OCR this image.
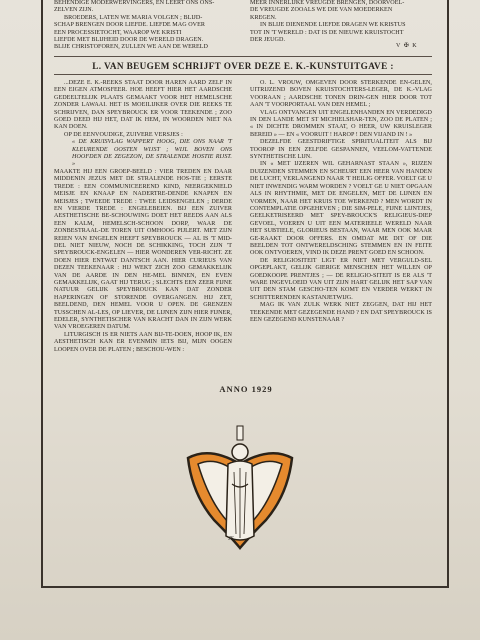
BEHENDIGE MODERWERVINGERS, EN LEERT ONS ONS-

ZELVEN ZIJN.

BROEDERS, LATEN WE MARIA VOLGEN ; BLIJD-

SCHAP BRENGEN DOOR LIEFDE. LIEFDE MAG OVER

EEN PROCESSIETOCHT, WAAROP WE KRISTI

LIEFDE MET BLIJHEID DOOR DE WERELD DRAGEN.

BLIJE CHRISTOFOREN, ZULLEN WE AAN DE WERELD

MEER INNERLIJKE VREUGDE BRENGEN, DOORVOEL-

DE VREUGDE ZOOALS WE DIE VAN MOEDERKEN

KREGEN.

IN BLIJE DIENENDE LIEFDE DRAGEN WE KRISTUS

TOT IN 'T WERELD : DAT IS DE NIEUWE KRUISTOCHT

DER JEUGD.

V ✠ K
L. VAN BEUGEM SCHRIJFT OVER DEZE E. K.-KUNSTUITGAVE :

...DEZE E. K.-REEKS STAAT DOOR HAREN AARD ZELF IN EEN EIGEN ATMOSFEER. HOE HEEFT HIER HET AARDSCHE GEDEELTELIJK PLAATS GEMAAKT VOOR HET HEMELSCHE ZONDER LAWAAI. HET IS MOEILIJKER OVER DIE REEKS TE SCHRIJVEN, DAN SPEYBROUCK ER VOOR TEEKENDE ; ZOO GOED DEED HIJ HET, DAT IK HEM, IN WOORDEN NIET NA KAN DOEN.

OP DE EENVOUDIGE, ZUIVERE VERSJES :

« DE KRUISVLAG WAPPERT HOOG, DIE ONS NAAR 'T KLEURENDE OOSTEN WIJST ; WIJL BOVEN ONS HOOFDEN DE ZEGEZON, DE STRALENDE HOSTIE RIJST. »

MAAKTE HIJ EEN GROEP-BEELD : VIER TREDEN EN DAAR MIDDENIN JEZUS MET DE STRALENDE HOS-TIE ; EERSTE TREDE : EEN COMMUNICEEREND KIND, NEERGEKNIELD MEISJE EN KNAAP EN NADERTRE-DENDE KNAPEN EN MEISJES ; TWEEDE TREDE : TWEE LEIDSENGELEN ; DERDE EN VIERDE TREDE : ENGELEBEIEN. BIJ EEN ZUIVER AESTHETISCHE BE-SCHOUWING DOET HET REEDS AAN ALS EEN KALM, HEMELSCH-SCHOON DORP, WAAR DE ZONBESTRAAL-DE TOREN UIT OMHOOG PIJLERT. MET ZIJN REIEN VAN ENGELEN HEEFT SPEYBROUCK — AL IS 'T MID-DEL NIET NIEUW, NOCH DE SCHIKKING, TOCH ZIJN 'T SPEYBROUCK-ENGELEN — HIER WONDEREN VER-RICHT. ZE DOEN HIER ENTWAT DANTSCH AAN. HIER CURIEUS VAN DEZEN TEEKENAAR : HIJ WEKT ZICH ZOO GEMAKKELIJK VAN DE AARDE IN DEN HE-MEL BINNEN, EN EVEN GEMAKKELIJK, GAAT HIJ TERUG ; SLECHTS EEN ZEER FIJNE NATUUR GELIJK SPEYBROUCK KAN DAT ZONDER HAPERINGEN OF STORENDE OVERGANGEN. HIJ ZET, BEELDEND, DEN HEMEL VOOR U OPEN. DE GRENZEN TUSSCHEN AL-LES, OP LIEVER, DE LIJNEN ZIJN HIER FIJNER, EDELER, SYNTHETISCHER VAN KRACHT DAN IN ZIJN WERK VAN VROEGEREN DATUM.

LITURGISCH IS ER NIETS AAN BIJ-TE-DOEN, HOOP IK, EN AESTHETISCH KAN ER EVENMIN IETS BIJ, MIJN OOGEN LOOPEN OVER DE PLATEN ; BESCHOU-WEN :

O. L. VROUW, OMGEVEN DOOR STERKENDE EN-GELEN, UITRIJZEND BOVEN KRUISTOCHTERS-LEGER, DE K.-VLAG VOORAAN ; AARDSCHE TONEN DRIN-GEN HIER DOOR TOT AAN 'T VOORPORTAAL VAN DEN HEMEL ;

VLAG ONTVANGEN UIT ENGELENHANDEN EN VERDEDIGD IN DEN LANDE MET ST MICHIELSHAR-TEN, ZOO DE PLATEN ; « IN DICHTE DROMMEN STAAT, O HEER, UW KRUISLEGER BEREID » — EN « VOORUIT ! HAROP ! DEN VIJAND IN ! »

DEZELFDE GEESTDRIFTIGE SPIRITUALITEIT ALS BIJ TOOROP IN EEN ZELFDE GESPANNEN, VEELOM-VATTENDE SYNTHETISCHE LIJN.

IN « MET IJZEREN WIL GEHARNAST STAAN », RIJZEN DUIZENDEN STEMMEN EN SCHEURT EEN HEER VAN HANDEN DE LUCHT, VERLANGEND NAAR 'T HEILIG OFFER. VOELT GE U NIET INWENDIG WARM WORDEN ? VOELT GE U NIET OPGAAN ALS IN RHYTHMIE, MET DE ENGELEN, MET DE LIJNEN EN VORMEN, NAAR HET KRUIS TOE WERKEND ? MEN WORDT IN CONTEMPLATIE OPGEHEVEN ; DIE SIM-PELE, FIJNE LIJNTJES, GEELKETRISEERD MET SPEY-BROUCK'S RELIGIEUS-DIEP GEVOEL, VOEREN U UIT EEN MATERIEELE WERELD NAAR HET SUBTIELE, GLORIEUS BESTAAN, WAAR MEN OOK MAAR GE-RAAKT DOOR OFFERS. EN OMDAT ME DIT OF DIE BEELDEN TOT ONTWERELDSCHING STEMMEN EN IN FEITE OOK ONTVOEREN, VIND IK DEZE PRENT GOED EN SCHOON.

DE RELIGIOSITEIT LIGT ER NIET MET VERGULD-SEL OPGEPLAKT, GELIJK GIERIGE MENSCHEN HET WILLEN OP GOEDKOOPE PRENTJES ; — DE RELIGIO-SITEIT IS ER ALS 'T WARE INGEVLOEID VAN UIT ZIJN HART GELIJK HET SAP VAN UIT DEN STAM GESCHO-TEN KOMT EN VERDER WERKT IN SCHITTERENDEN KASTANJETWIJG.

MAG IK VAN ZULK WERK NIET ZEGGEN, DAT HIJ HET TEEKENDE MET GEZEGENDE HAND ? EN DAT SPEYBROUCK IS EEN GEZEGEND KUNSTENAAR ?

ANNO 1929
JS
